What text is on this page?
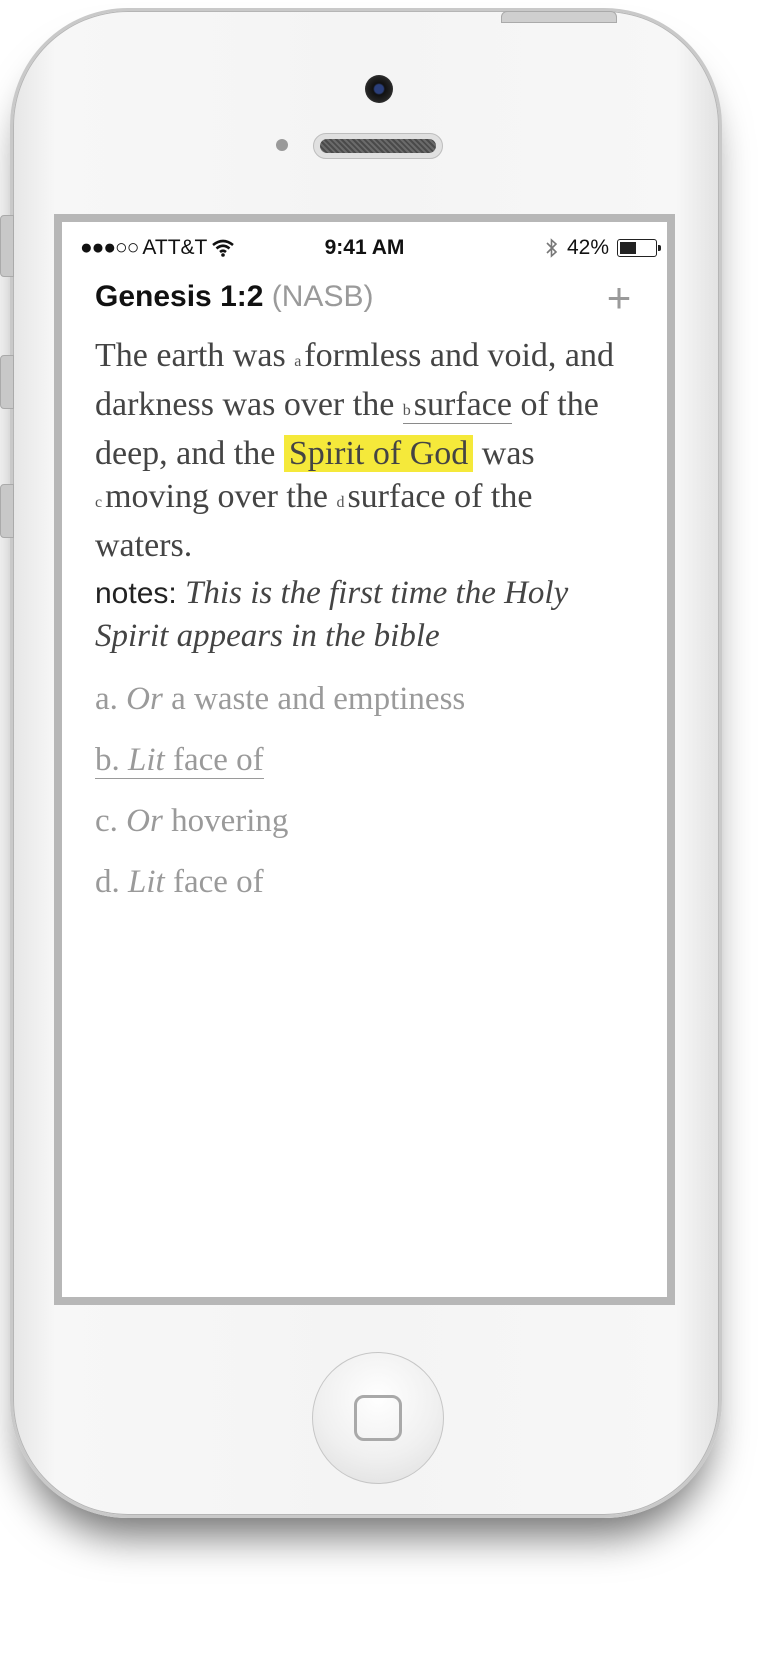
●●●○○ ATT&T	9:41 AM	42%
Genesis 1:2 (NASB)	+
The earth was aformless and void, and darkness was over the bsurface of the deep, and the Spirit of God was cmoving over the dsurface of the waters.
notes: This is the first time the Holy Spirit appears in the bible
a. Or a waste and emptiness
b. Lit face of
c. Or hovering
d. Lit face of
